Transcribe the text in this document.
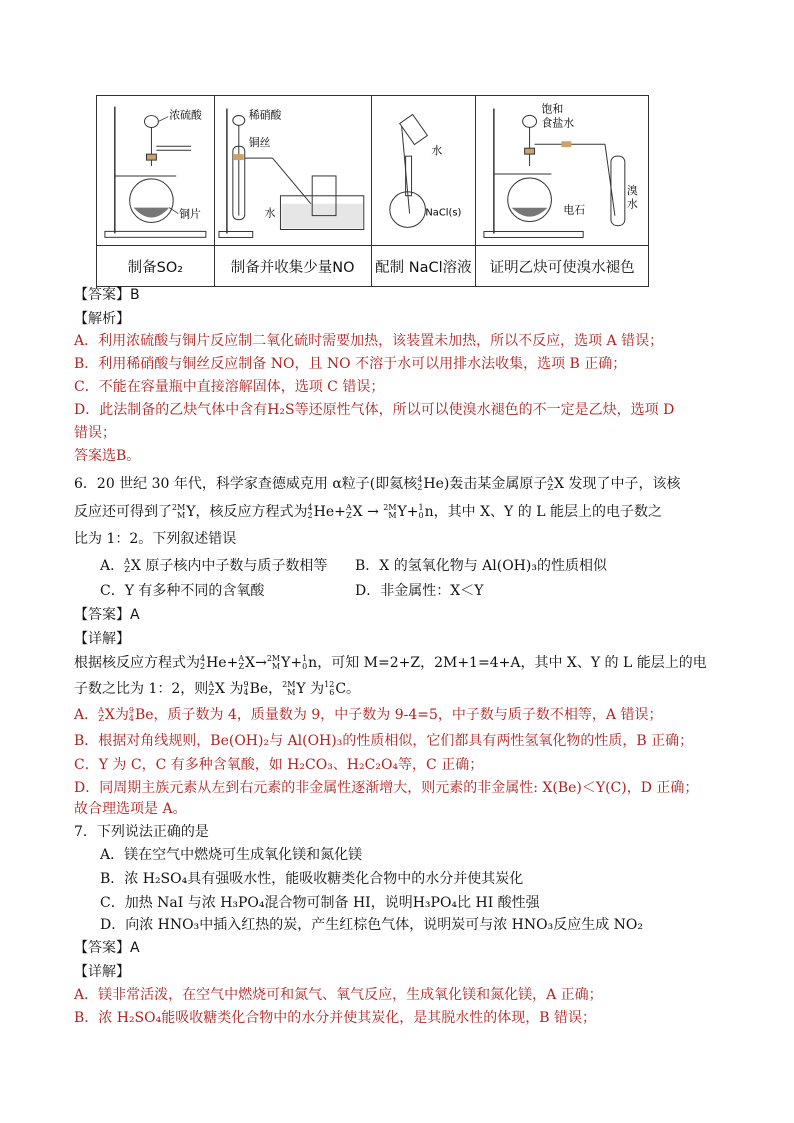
浓硫酸
铜片	稀硝酸
铜丝
水	水
NaCl(s)	饱和
食盐水
电石
溴
水

制备SO₂	制备并收集少量NO	配制 NaCl溶液	证明乙炔可使溴水褪色
【答案】B
【解析】
A．利用浓硫酸与铜片反应制二氧化硫时需要加热，该装置未加热，所以不反应，选项 A 错误；
B．利用稀硝酸与铜丝反应制备 NO，且 NO 不溶于水可以用排水法收集，选项 B 正确；
C．不能在容量瓶中直接溶解固体，选项 C 错误；
D．此法制备的乙炔气体中含有H₂S等还原性气体，所以可以使溴水褪色的不一定是乙炔，选项 D
错误；
答案选B。
6．20 世纪 30 年代，科学家查德威克用 α粒子(即氦核 4
2 He)轰击某金属原子 A
Z X 发现了中子，该核
反应还可得到了 2M
M Y，核反应方程式为 4
2 He+ A
Z X → 2M
M Y+ 1
0 n，其中 X、Y 的 L 能层上的电子数之
比为 1：2。下列叙述错误
A． A
Z X 原子核内中子数与质子数相等 B．X 的氢氧化物与 Al(OH)₃的性质相似
C．Y 有多种不同的含氧酸	D．非金属性：X＜Y
【答案】A
【详解】
根据核反应方程式为 4
2 He+ A
Z X→ 2M
M Y+ 1
0 n，可知 M=2+Z，2M+1=4+A，其中 X、Y 的 L 能层上的电
子数之比为 1：2，则 A
Z X 为 9
4 Be， 2M
M Y 为 12
6 C。
A． A
Z X为 9
4 Be，质子数为 4，质量数为 9，中子数为 9-4=5，中子数与质子数不相等，A 错误；
B．根据对角线规则，Be(OH)₂与 Al(OH)₃的性质相似，它们都具有两性氢氧化物的性质，B 正确；
C．Y 为 C，C 有多种含氧酸，如 H₂CO₃、H₂C₂O₄等，C 正确；
D．同周期主族元素从左到右元素的非金属性逐渐增大，则元素的非金属性: X(Be)＜Y(C)，D 正确；
故合理选项是 A。
7．下列说法正确的是
A．镁在空气中燃烧可生成氧化镁和氮化镁
B．浓 H₂SO₄具有强吸水性，能吸收糖类化合物中的水分并使其炭化
C．加热 NaI 与浓 H₃PO₄混合物可制备 HI，说明H₃PO₄比 HI 酸性强
D．向浓 HNO₃中插入红热的炭，产生红棕色气体，说明炭可与浓 HNO₃反应生成 NO₂
【答案】A
【详解】
A．镁非常活泼，在空气中燃烧可和氮气、氧气反应，生成氧化镁和氮化镁，A 正确；
B．浓 H₂SO₄能吸收糖类化合物中的水分并使其炭化，是其脱水性的体现，B 错误；
